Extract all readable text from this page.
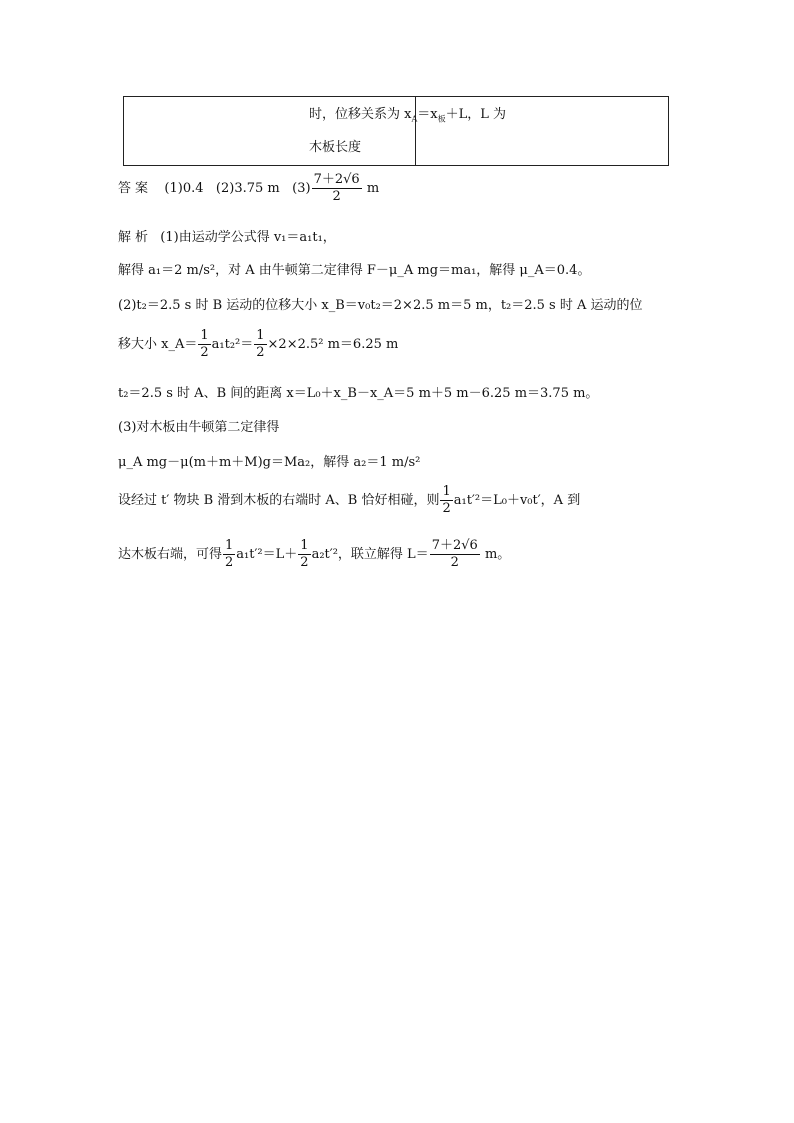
时，位移关系为 $x_A=x_板+L$，L 为
木板长度
答案 (1)0.4 (2)3.75 m $(3) \frac{7+2√6}{2}$ m
解析 (1)由运动学公式得 v₁＝a₁t₁，
解得 a₁＝2 m/s²，对 A 由牛顿第二定律得 F－μ_A mg＝ma₁，解得 μ_A＝0.4。
(2)t₂＝2.5 s 时 B 运动的位移大小 x_B＝v₀t₂＝2×2.5 m＝5 m，t₂＝2.5 s 时 A 运动的位
移大小 x_A＝ $\frac{1}{2} a_1t_2^2= \frac{1}{2} \times 2\times 2.5^2$ m＝6.25 m
t₂＝2.5 s 时 A、B 间的距离 x＝L₀＋x_B－x_A＝5 m＋5 m－6.25 m＝3.75 m。
(3)对木板由牛顿第二定律得
μ_A mg－μ(m＋m＋M)g＝Ma₂，解得 a₂＝1 m/s²
设经过 t′ 物块 B 滑到木板的右端时 A、B 恰好相碰，则 $\frac{1}{2} a_1t'^2=L_0+v_0t'$，A 到
达木板右端，可得 $\frac{1}{2} a_1t'^2=L+ \frac{1}{2} a_2t'^2$，联立解得 $L= \frac{7+2√6}{2}$ m。
